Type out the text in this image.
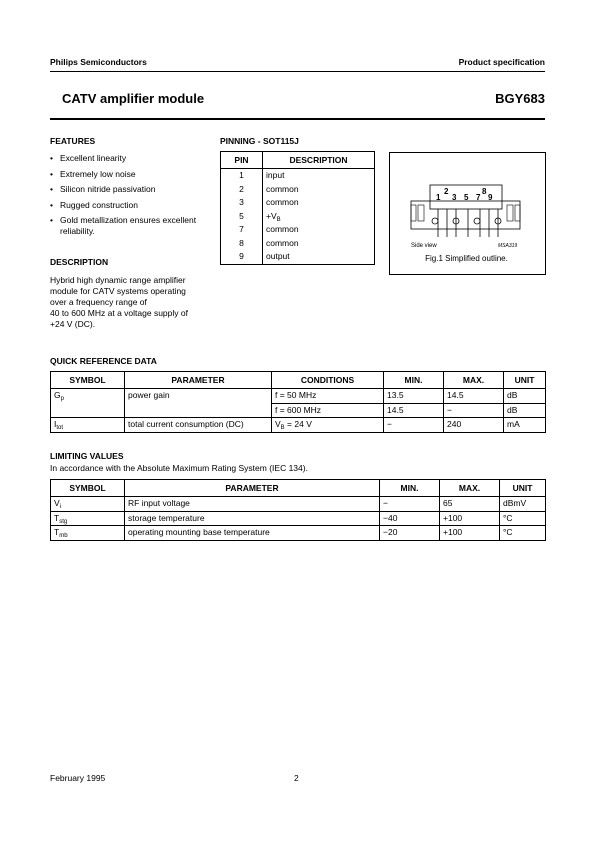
Philips Semiconductors	Product specification
CATV amplifier module	BGY683
FEATURES
• Excellent linearity
• Extremely low noise
• Silicon nitride passivation
• Rugged construction
• Gold metallization ensures excellent reliability.
DESCRIPTION
Hybrid high dynamic range amplifier
module for CATV systems operating
over a frequency range of
40 to 600 MHz at a voltage supply of
+24 V (DC).
PINNING - SOT115J
PIN	DESCRIPTION
1	input
2	common
3	common
5	$+V_B$
7	common
8	common
9	output
1
2
3 5 7
8
9
Side view	MSA319
Fig.1 Simplified outline.
QUICK REFERENCE DATA
SYMBOL	PARAMETER	CONDITIONS	MIN.	MAX.	UNIT
$G_p$	power gain	f = 50 MHz	13.5	14.5	dB
		f = 600 MHz	14.5	−	dB
$I_{tot}$	total current consumption (DC)	$V_B = 24$ V	−	240	mA
LIMITING VALUES
In accordance with the Absolute Maximum Rating System (IEC 134).
SYMBOL	PARAMETER	MIN.	MAX.	UNIT
$V_i$	RF input voltage	−	65	dBmV
$T_{stg}$	storage temperature	−40	+100	°C
$T_{mb}$	operating mounting base temperature	−20	+100	°C
February 1995	2
